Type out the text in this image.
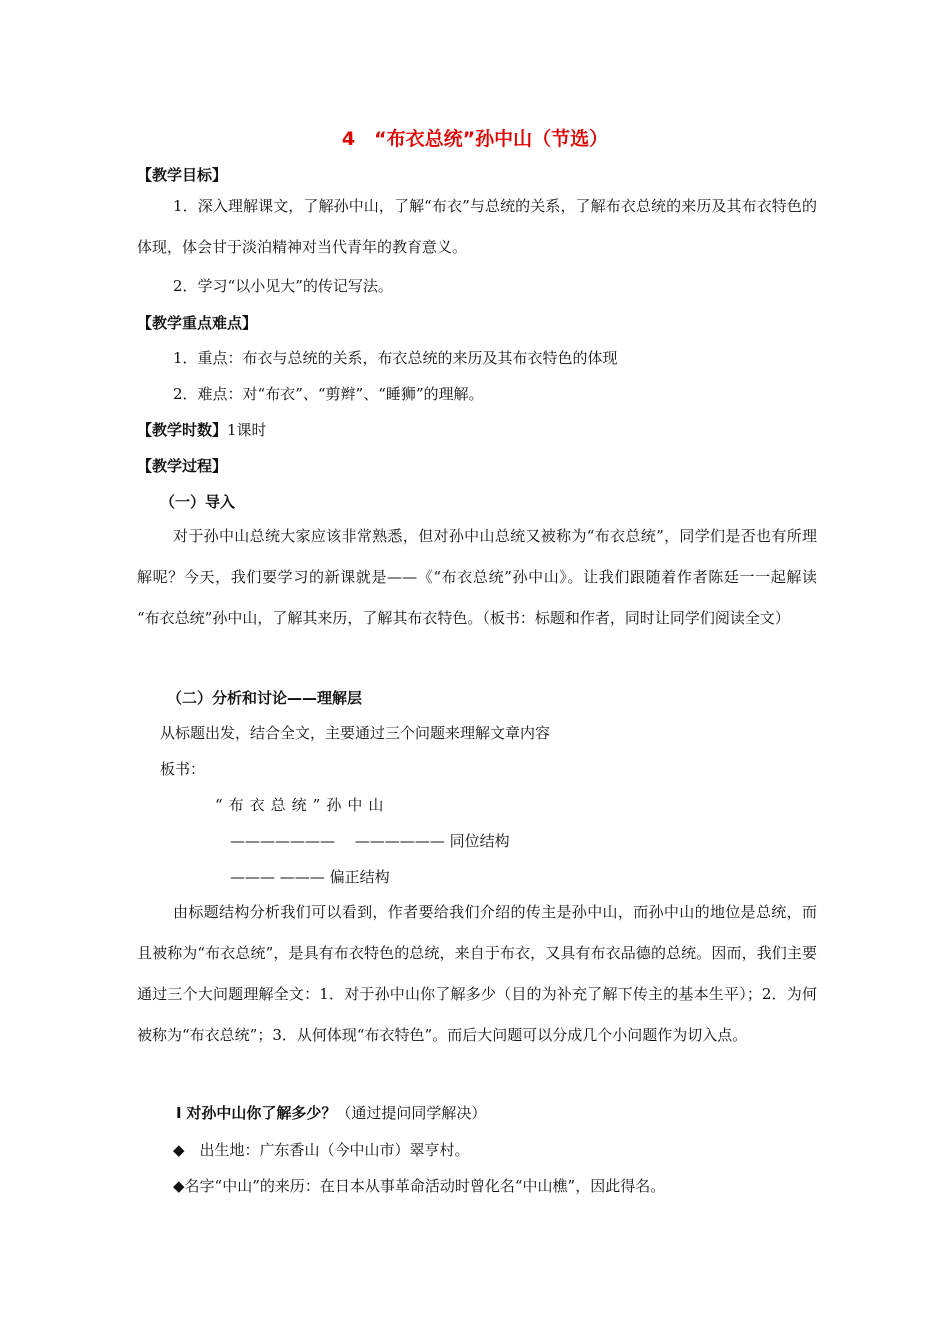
4　“布衣总统”孙中山（节选）
【教学目标】
1．深入理解课文，了解孙中山，了解“布衣”与总统的关系，了解布衣总统的来历及其布衣特色的体现，体会甘于淡泊精神对当代青年的教育意义。
2．学习“以小见大”的传记写法。
【教学重点难点】
1．重点：布衣与总统的关系，布衣总统的来历及其布衣特色的体现
2．难点：对“布衣”、“剪辫”、“睡狮”的理解。
【教学时数】1课时
【教学过程】
（一）导入
对于孙中山总统大家应该非常熟悉，但对孙中山总统又被称为“布衣总统”，同学们是否也有所理解呢？今天，我们要学习的新课就是——《“布衣总统”孙中山》。让我们跟随着作者陈廷一一起解读 “布衣总统”孙中山，了解其来历，了解其布衣特色。（板书：标题和作者，同时让同学们阅读全文）
（二）分析和讨论——理解层
从标题出发，结合全文，主要通过三个问题来理解文章内容
板书：
“布衣总统”孙中山
———————　 —————— 同位结构
——— ——— 偏正结构
由标题结构分析我们可以看到，作者要给我们介绍的传主是孙中山，而孙中山的地位是总统，而且被称为“布衣总统”，是具有布衣特色的总统，来自于布衣，又具有布衣品德的总统。因而，我们主要通过三个大问题理解全文：1．对于孙中山你了解多少（目的为补充了解下传主的基本生平）；2．为何被称为“布衣总统”；3．从何体现“布衣特色”。而后大问题可以分成几个小问题作为切入点。
Ⅰ 对孙中山你了解多少？（通过提问同学解决）
◆　出生地：广东香山（今中山市）翠亨村。
◆名字“中山”的来历：在日本从事革命活动时曾化名“中山樵”，因此得名。
